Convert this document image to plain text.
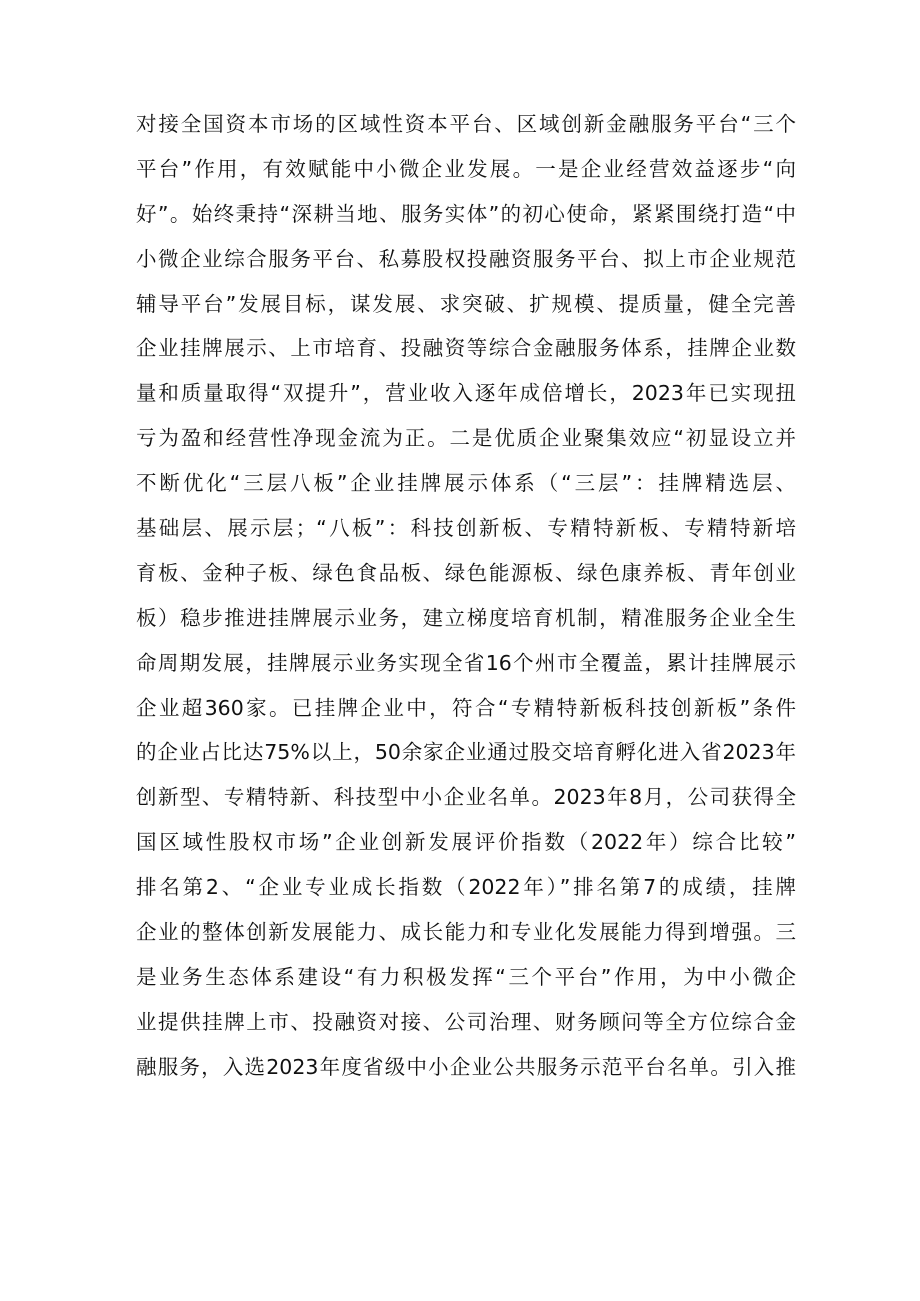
对接全国资本市场的区域性资本平台、区域创新金融服务平台“三个
平台”作用，有效赋能中小微企业发展。一是企业经营效益逐步“向
好”。始终秉持“深耕当地、服务实体”的初心使命，紧紧围绕打造“中
小微企业综合服务平台、私募股权投融资服务平台、拟上市企业规范
辅导平台”发展目标，谋发展、求突破、扩规模、提质量，健全完善
企业挂牌展示、上市培育、投融资等综合金融服务体系，挂牌企业数
量和质量取得“双提升”，营业收入逐年成倍增长，2023年已实现扭
亏为盈和经营性净现金流为正。二是优质企业聚集效应“初显设立并
不断优化“三层八板”企业挂牌展示体系（“三层”：挂牌精选层、
基础层、展示层；“八板”：科技创新板、专精特新板、专精特新培
育板、金种子板、绿色食品板、绿色能源板、绿色康养板、青年创业
板）稳步推进挂牌展示业务，建立梯度培育机制，精准服务企业全生
命周期发展，挂牌展示业务实现全省16个州市全覆盖，累计挂牌展示
企业超360家。已挂牌企业中，符合“专精特新板科技创新板”条件
的企业占比达75%以上，50余家企业通过股交培育孵化进入省2023年
创新型、专精特新、科技型中小企业名单。2023年8月，公司获得全
国区域性股权市场”企业创新发展评价指数（2022年）综合比较”
排名第2、“企业专业成长指数（2022年）”排名第7的成绩，挂牌
企业的整体创新发展能力、成长能力和专业化发展能力得到增强。三
是业务生态体系建设“有力积极发挥“三个平台”作用，为中小微企
业提供挂牌上市、投融资对接、公司治理、财务顾问等全方位综合金
融服务，入选2023年度省级中小企业公共服务示范平台名单。引入推
